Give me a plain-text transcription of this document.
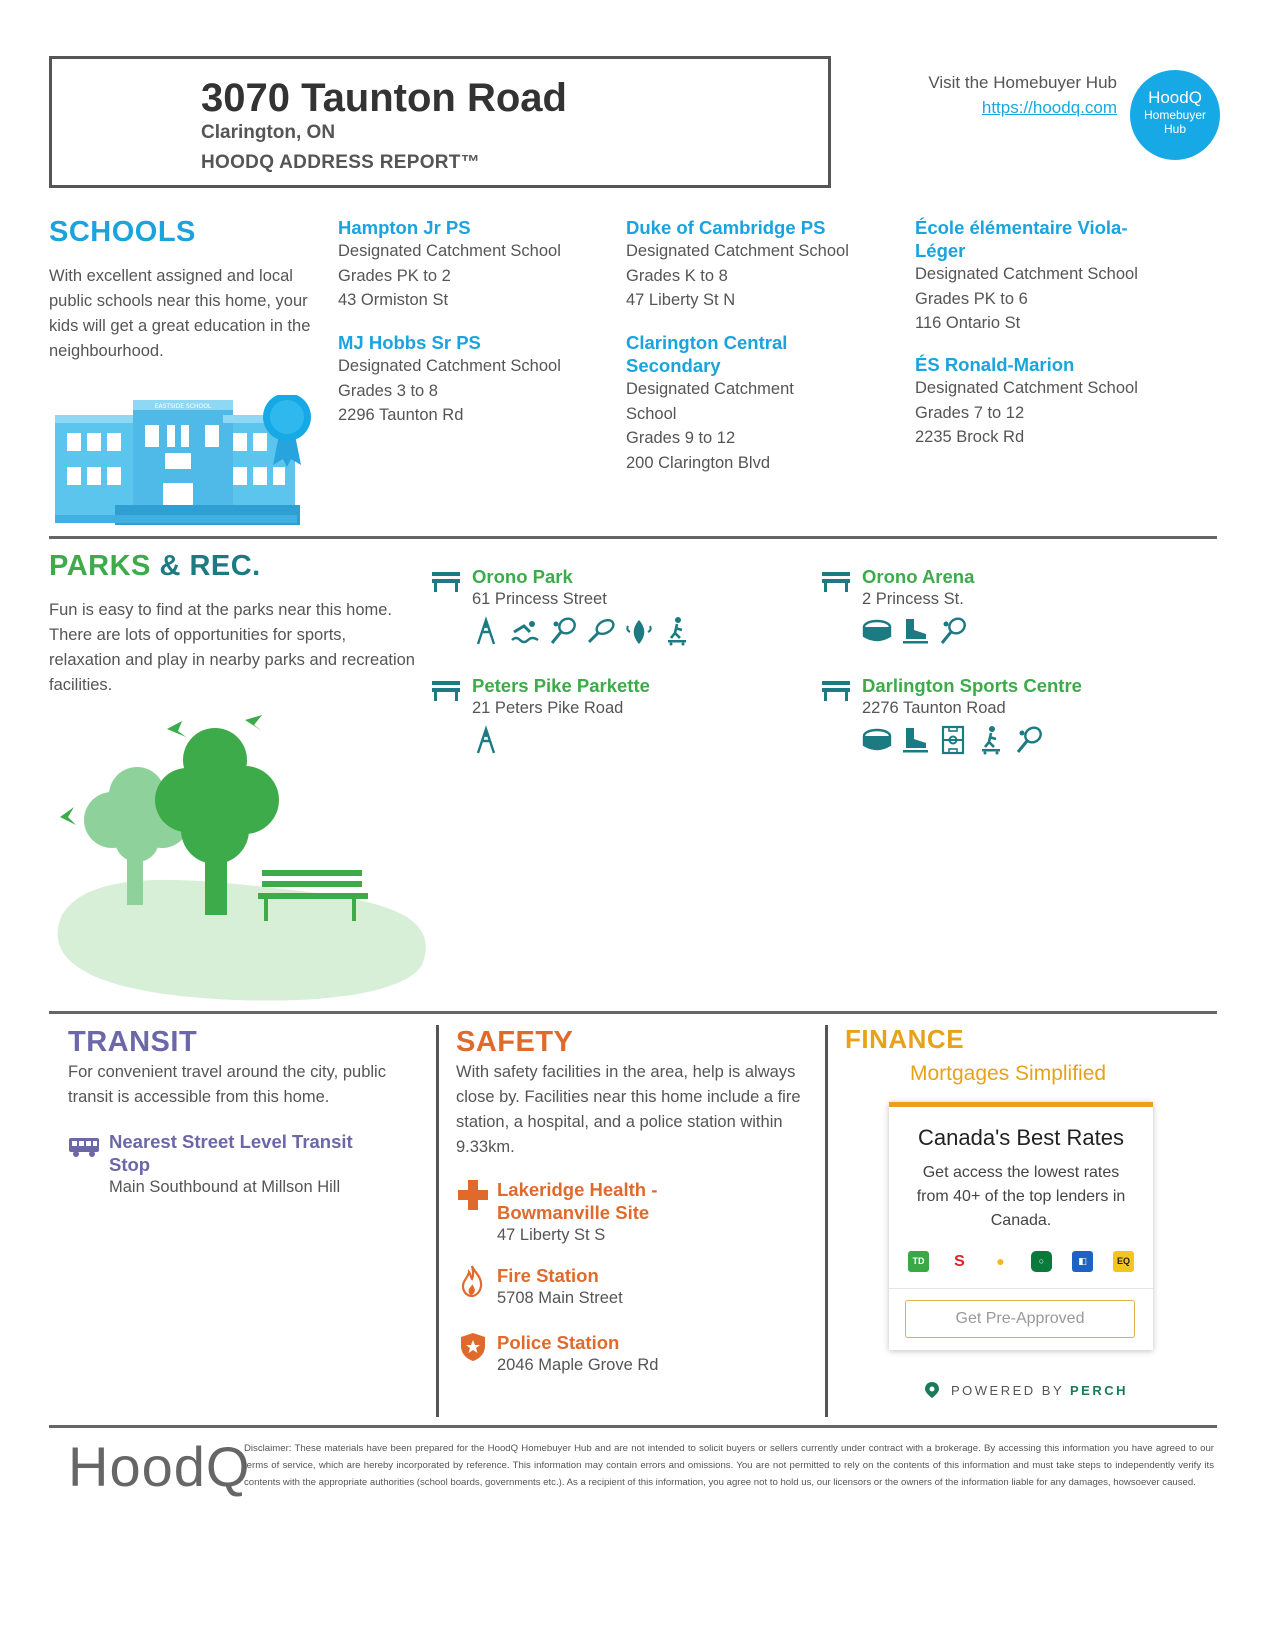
3070 Taunton Road
Clarington, ON
HOODQ ADDRESS REPORT™
Visit the Homebuyer Hub
https://hoodq.com
HoodQ
Homebuyer
Hub
SCHOOLS
With excellent assigned and local public schools near this home, your kids will get a great education in the neighbourhood.
EASTSIDE SCHOOL
Hampton Jr PS
Designated Catchment School
Grades PK to 2
43 Ormiston St
MJ Hobbs Sr PS
Designated Catchment School
Grades 3 to 8
2296 Taunton Rd
Duke of Cambridge PS
Designated Catchment School
Grades K to 8
47 Liberty St N
Clarington Central Secondary
Designated Catchment School
Grades 9 to 12
200 Clarington Blvd
École élémentaire Viola-Léger
Designated Catchment School
Grades PK to 6
116 Ontario St
ÉS Ronald-Marion
Designated Catchment School
Grades 7 to 12
2235 Brock Rd
PARKS & REC.
Fun is easy to find at the parks near this home. There are lots of opportunities for sports, relaxation and play in nearby parks and recreation facilities.
Orono Park
61 Princess Street
Peters Pike Parkette
21 Peters Pike Road
Orono Arena
2 Princess St.
Darlington Sports Centre
2276 Taunton Road
TRANSIT
For convenient travel around the city, public transit is accessible from this home.
Nearest Street Level Transit Stop
Main Southbound at Millson Hill
SAFETY
With safety facilities in the area, help is always close by. Facilities near this home include a fire station, a hospital, and a police station within 9.33km.
Lakeridge Health - Bowmanville Site
47 Liberty St S
Fire Station
5708 Main Street
Police Station
2046 Maple Grove Rd
FINANCE
Mortgages Simplified
Canada's Best Rates
Get access the lowest rates from 40+ of the top lenders in Canada.
TD	S	●	○	◧	EQ
Get Pre-Approved
POWERED BY PERCH
HoodQ
Disclaimer: These materials have been prepared for the HoodQ Homebuyer Hub and are not intended to solicit buyers or sellers currently under contract with a brokerage. By accessing this information you have agreed to our terms of service, which are hereby incorporated by reference. This information may contain errors and omissions. You are not permitted to rely on the contents of this information and must take steps to independently verify its contents with the appropriate authorities (school boards, governments etc.). As a recipient of this information, you agree not to hold us, our licensors or the owners of the information liable for any damages, howsoever caused.
